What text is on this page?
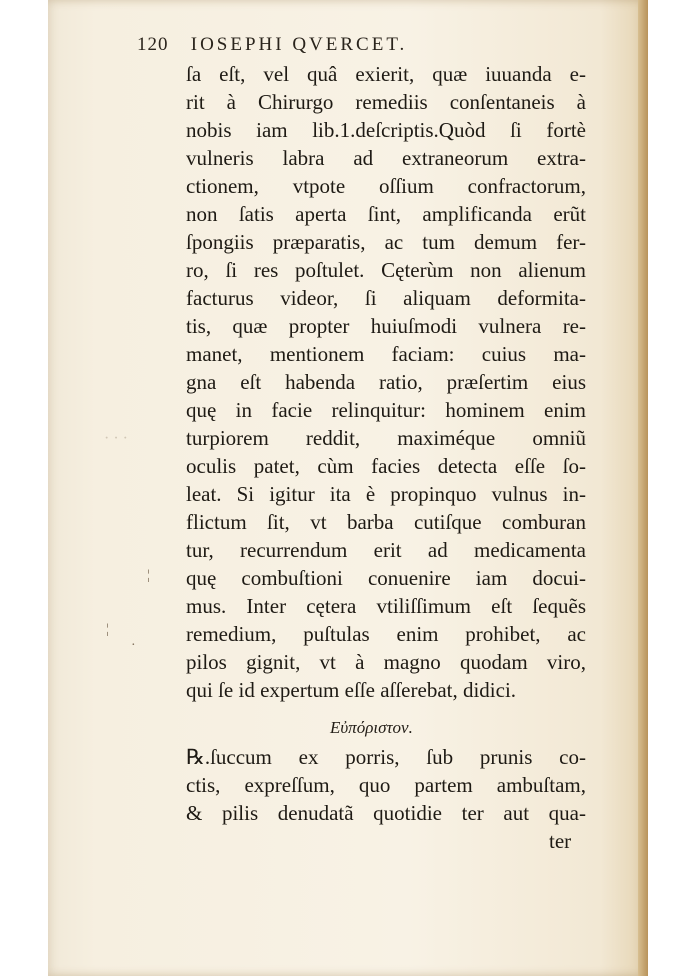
120 IOSEPHI QVERCET.
ſa eſt, vel quâ exierit, quæ iuuanda e-
rit à Chirurgo remediis conſentaneis à
nobis iam lib.1.deſcriptis.Quòd ſi fortè
vulneris labra ad extraneorum extra-
ctionem, vtpote oſſium confractorum,
non ſatis aperta ſint, amplificanda erũt
ſpongiis præparatis, ac tum demum fer-
ro, ſi res poſtulet. Cęterùm non alienum
facturus videor, ſi aliquam deformita-
tis, quæ propter huiuſmodi vulnera re-
manet, mentionem faciam: cuius ma-
gna eſt habenda ratio, præſertim eius
quę in facie relinquitur: hominem enim
turpiorem reddit, maximéque omniũ
oculis patet, cùm facies detecta eſſe ſo-
leat. Si igitur ita è propinquo vulnus in-
flictum ſit, vt barba cutiſque comburan
tur, recurrendum erit ad medicamenta
quę combuſtioni conuenire iam docui-
mus. Inter cętera vtiliſſimum eſt ſequẽs
remedium, puſtulas enim prohibet, ac
pilos gignit, vt à magno quodam viro,
qui ſe id expertum eſſe aſſerebat, didici.
Εὐπόριστον.
℞.ſuccum ex porris, ſub prunis co-
ctis, expreſſum, quo partem ambuſtam,
& pilis denudatã quotidie ter aut qua-
ter
¦
¦
·
· · ·
